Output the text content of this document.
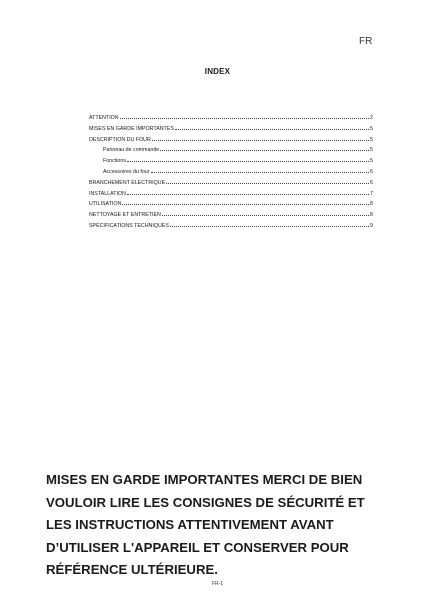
FR
INDEX
ATTENTION	2
MISES EN GARDE IMPORTANTES	5
DESCRIPTION DU FOUR	5
Panneau de commande	5
Fonctions	5
Accessoires du four	6
BRANCHEMENT ÉLECTRIQUE	6
INSTALLATION	7
UTILISATION	8
NETTOYAGE ET ENTRETIEN	8
SPÉCIFICATIONS TECHNIQUES	9

MISES EN GARDE IMPORTANTES MERCI DE BIEN
VOULOIR LIRE LES CONSIGNES DE SÉCURITÉ ET
LES INSTRUCTIONS ATTENTIVEMENT AVANT
D’UTILISER L'APPAREIL ET CONSERVER POUR
RÉFÉRENCE ULTÉRIEURE.

FR-1
